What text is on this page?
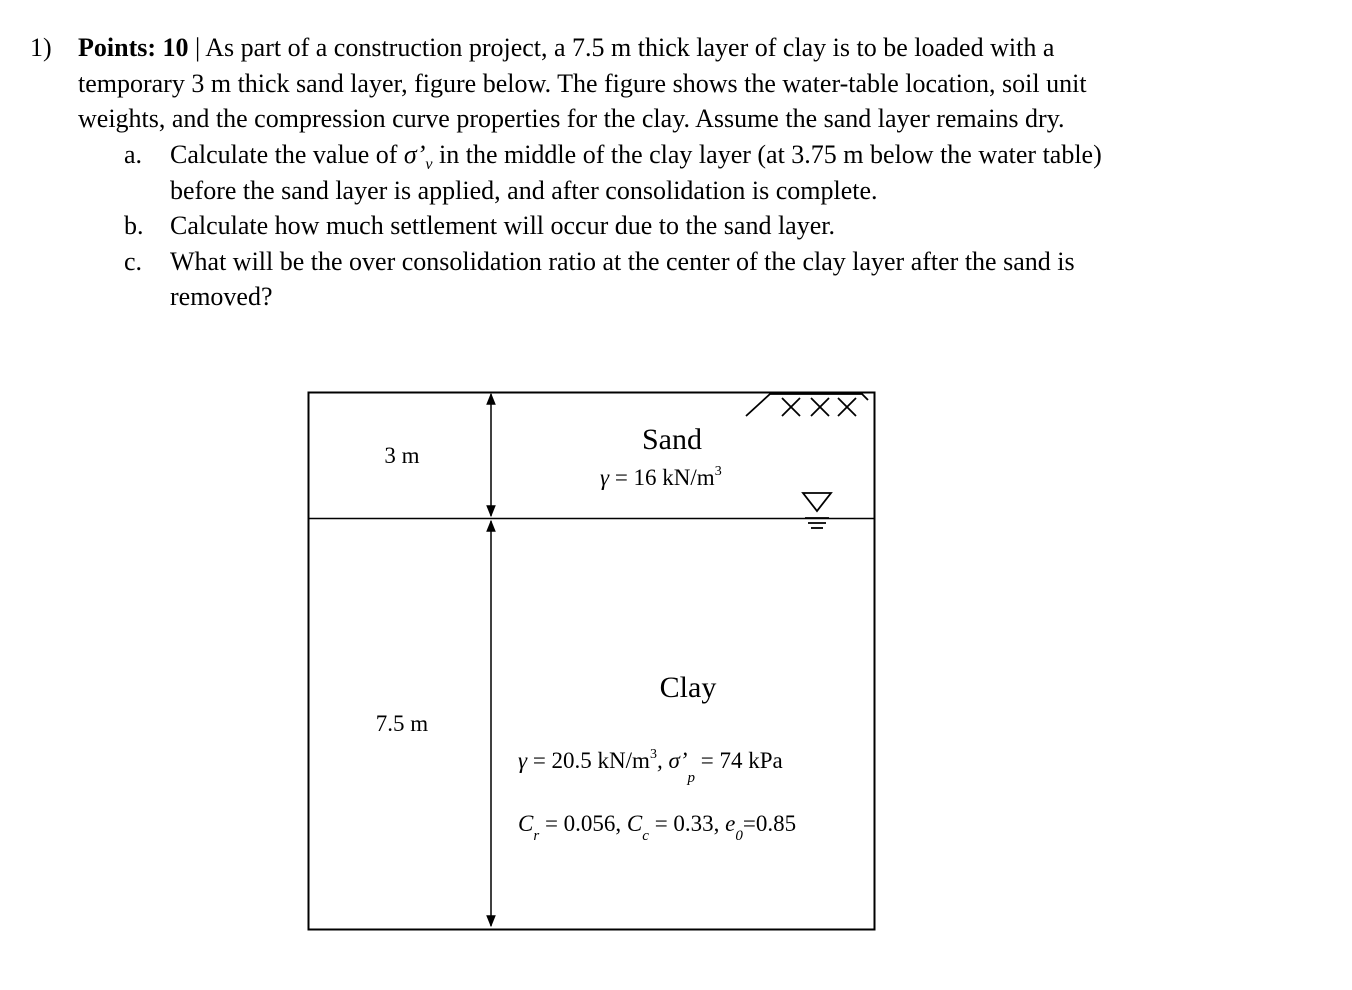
1) Points: 10 | As part of a construction project, a 7.5 m thick layer of clay is to be loaded with a
temporary 3 m thick sand layer, figure below. The figure shows the water-table location, soil unit
weights, and the compression curve properties for the clay. Assume the sand layer remains dry.
a. Calculate the value of $\sigma’_v$ in the middle of the clay layer (at 3.75 m below the water table)
before the sand layer is applied, and after consolidation is complete.
b. Calculate how much settlement will occur due to the sand layer.
c. What will be the over consolidation ratio at the center of the clay layer after the sand is
removed?
3 m
7.5 m
Sand
γ = 16 $kN/m^3$
Clay
γ = 20.5 $kN/m^3$, $\sigma’_p = 74$ kPa
$C_r = 0.056$, $C_c = 0.33$, $e_0=0.85$
